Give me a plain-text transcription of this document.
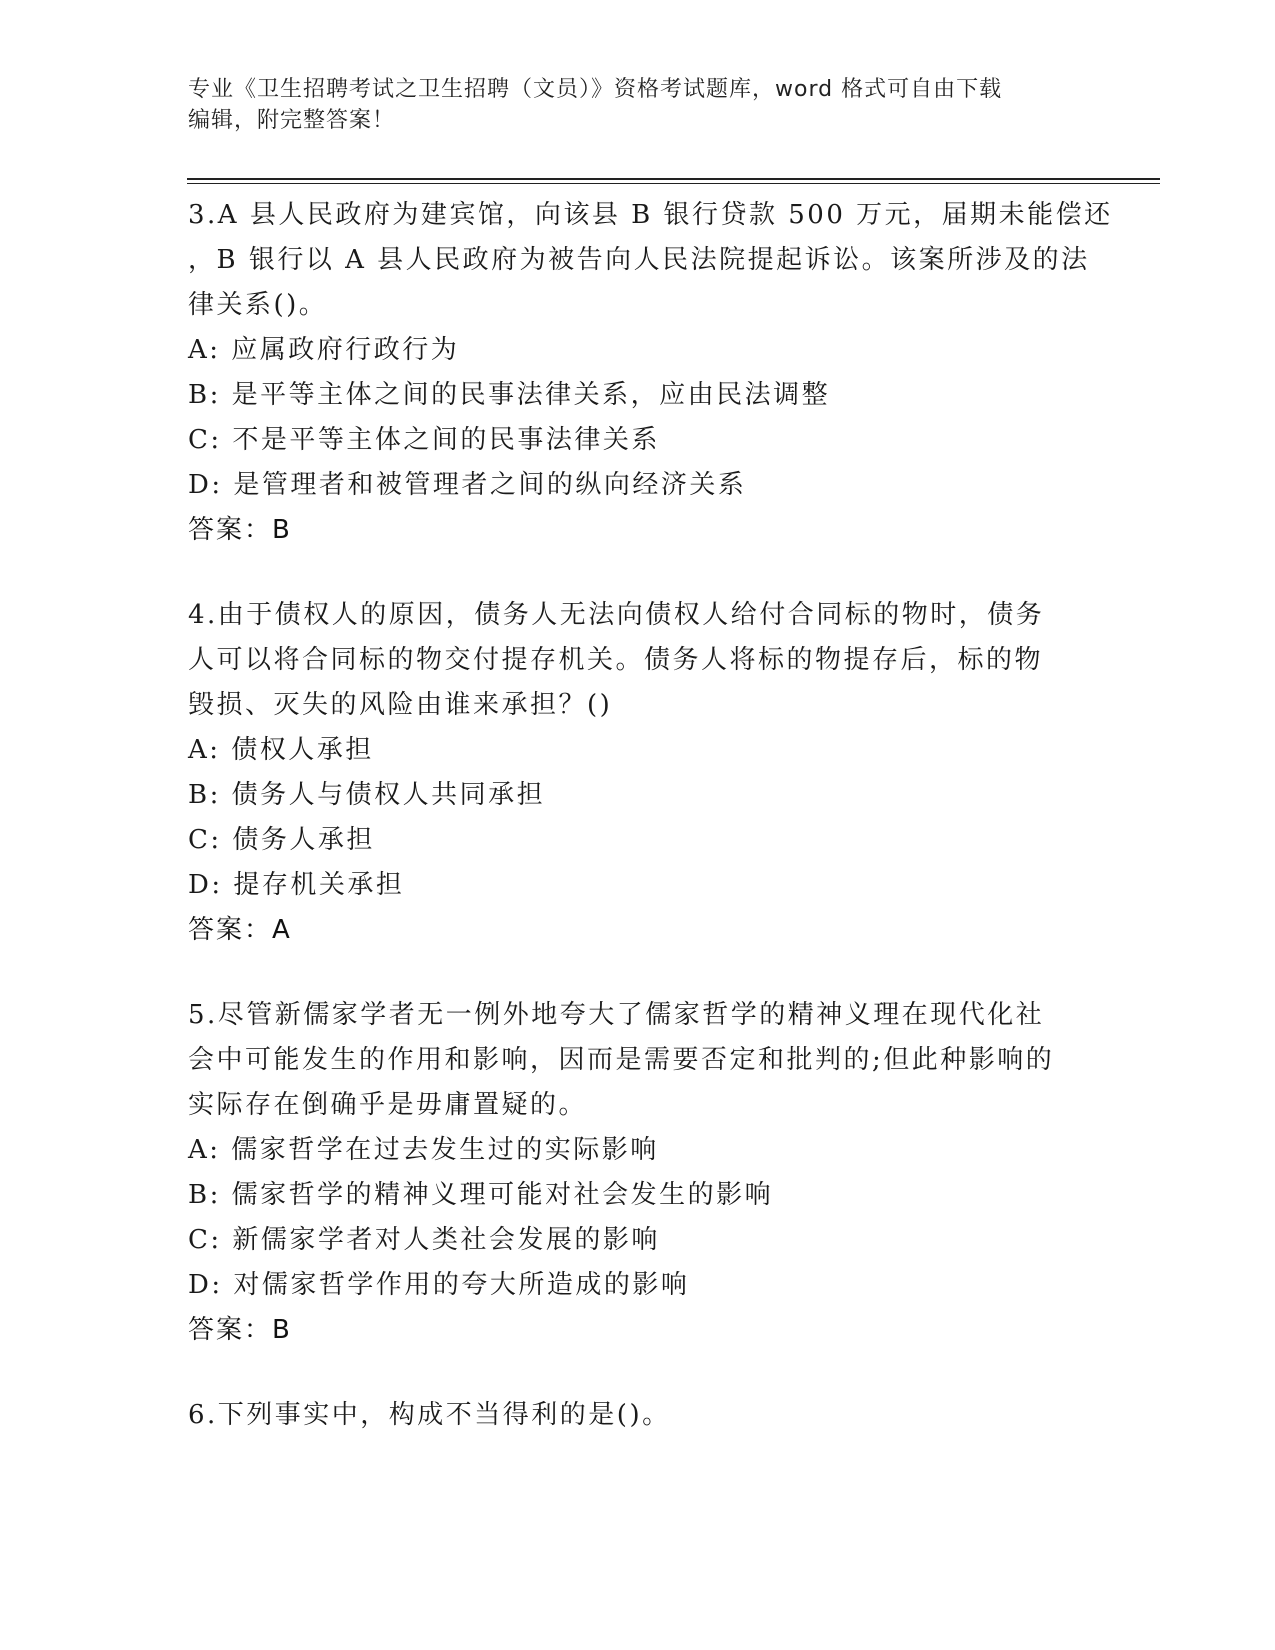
专业《卫生招聘考试之卫生招聘（文员）》资格考试题库，word 格式可自由下载
编辑，附完整答案！
3.A 县人民政府为建宾馆，向该县 B 银行贷款 500 万元，届期未能偿还
，B 银行以 A 县人民政府为被告向人民法院提起诉讼。该案所涉及的法
律关系()。
A: 应属政府行政行为
B: 是平等主体之间的民事法律关系，应由民法调整
C: 不是平等主体之间的民事法律关系
D: 是管理者和被管理者之间的纵向经济关系
答案：B
4.由于债权人的原因，债务人无法向债权人给付合同标的物时，债务
人可以将合同标的物交付提存机关。债务人将标的物提存后，标的物
毁损、灭失的风险由谁来承担？()
A: 债权人承担
B: 债务人与债权人共同承担
C: 债务人承担
D: 提存机关承担
答案：A
5.尽管新儒家学者无一例外地夸大了儒家哲学的精神义理在现代化社
会中可能发生的作用和影响，因而是需要否定和批判的;但此种影响的
实际存在倒确乎是毋庸置疑的。
A: 儒家哲学在过去发生过的实际影响
B: 儒家哲学的精神义理可能对社会发生的影响
C: 新儒家学者对人类社会发展的影响
D: 对儒家哲学作用的夸大所造成的影响
答案：B
6.下列事实中，构成不当得利的是()。
